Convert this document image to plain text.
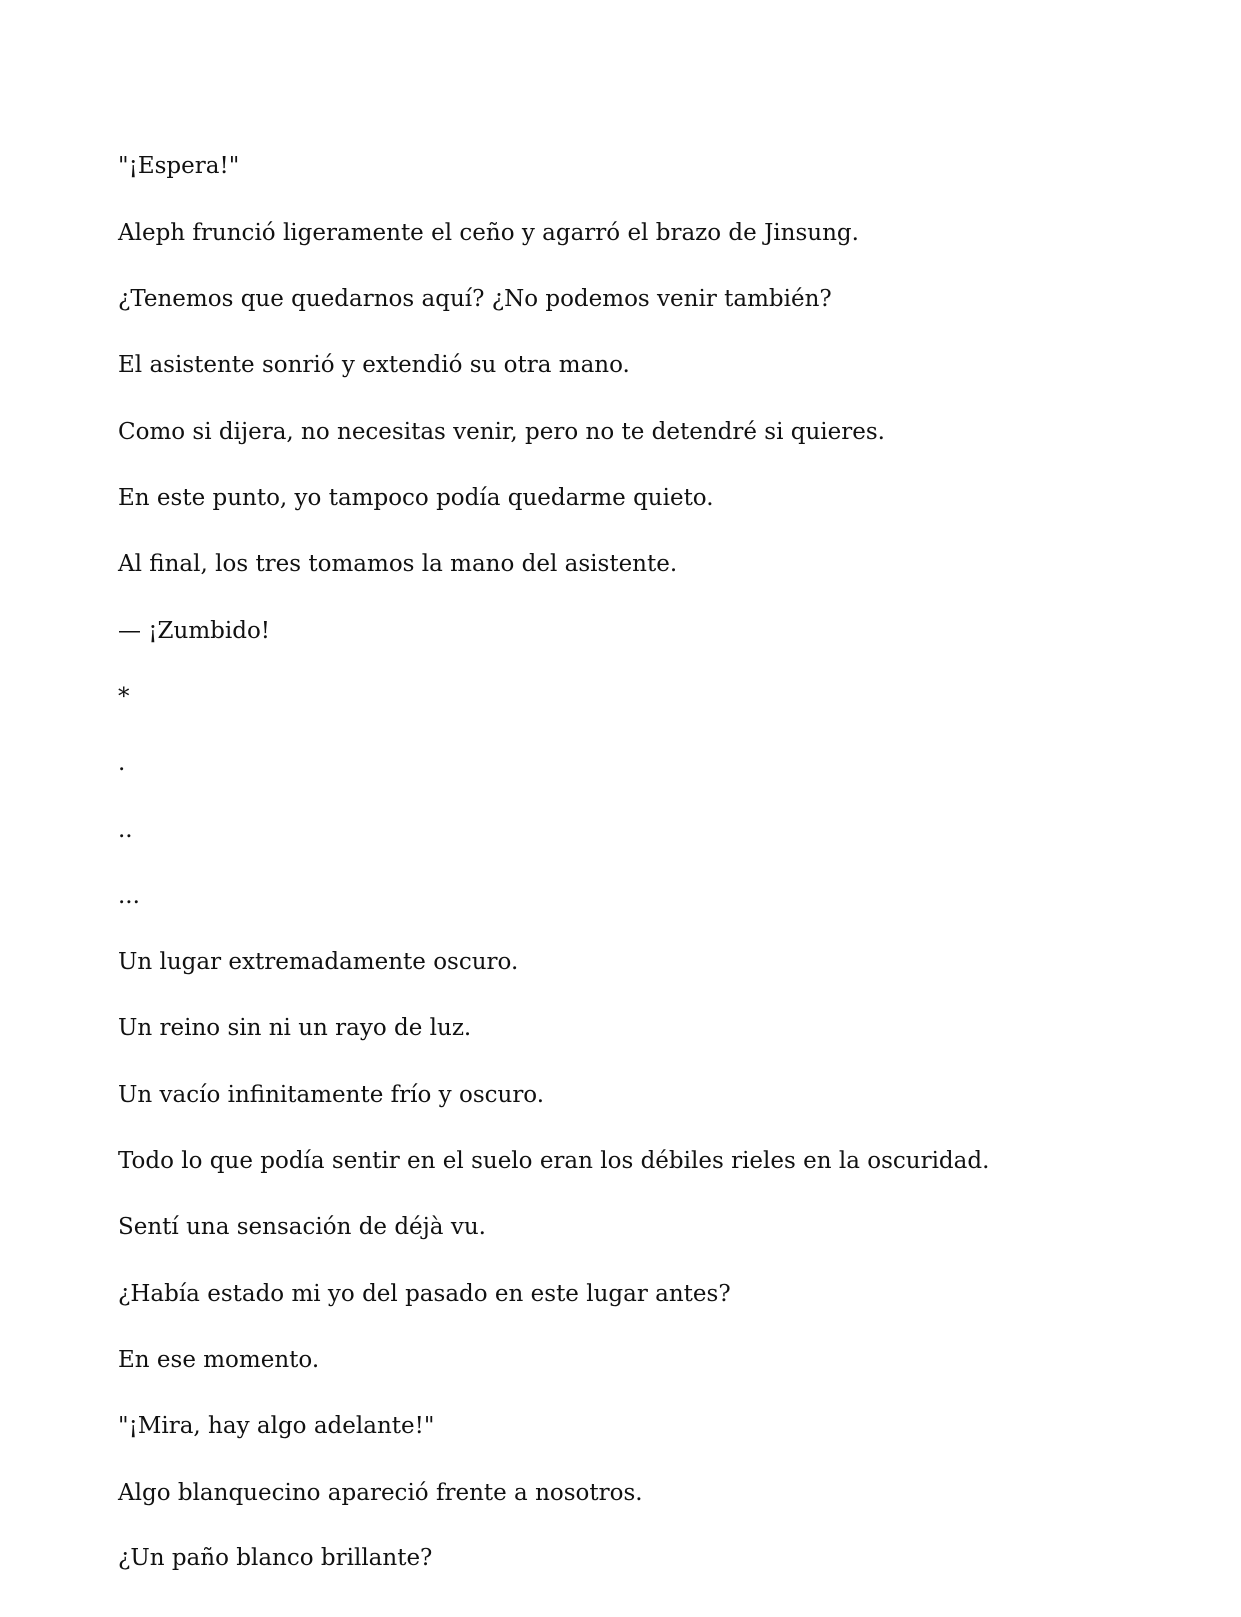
"¡Espera!"

Aleph frunció ligeramente el ceño y agarró el brazo de Jinsung.

¿Tenemos que quedarnos aquí? ¿No podemos venir también?

El asistente sonrió y extendió su otra mano.

Como si dijera, no necesitas venir, pero no te detendré si quieres.

En este punto, yo tampoco podía quedarme quieto.

Al final, los tres tomamos la mano del asistente.

— ¡Zumbido!

*

.

..

...

Un lugar extremadamente oscuro.

Un reino sin ni un rayo de luz.

Un vacío infinitamente frío y oscuro.

Todo lo que podía sentir en el suelo eran los débiles rieles en la oscuridad.

Sentí una sensación de déjà vu.

¿Había estado mi yo del pasado en este lugar antes?

En ese momento.

"¡Mira, hay algo adelante!"

Algo blanquecino apareció frente a nosotros.

¿Un paño blanco brillante?
